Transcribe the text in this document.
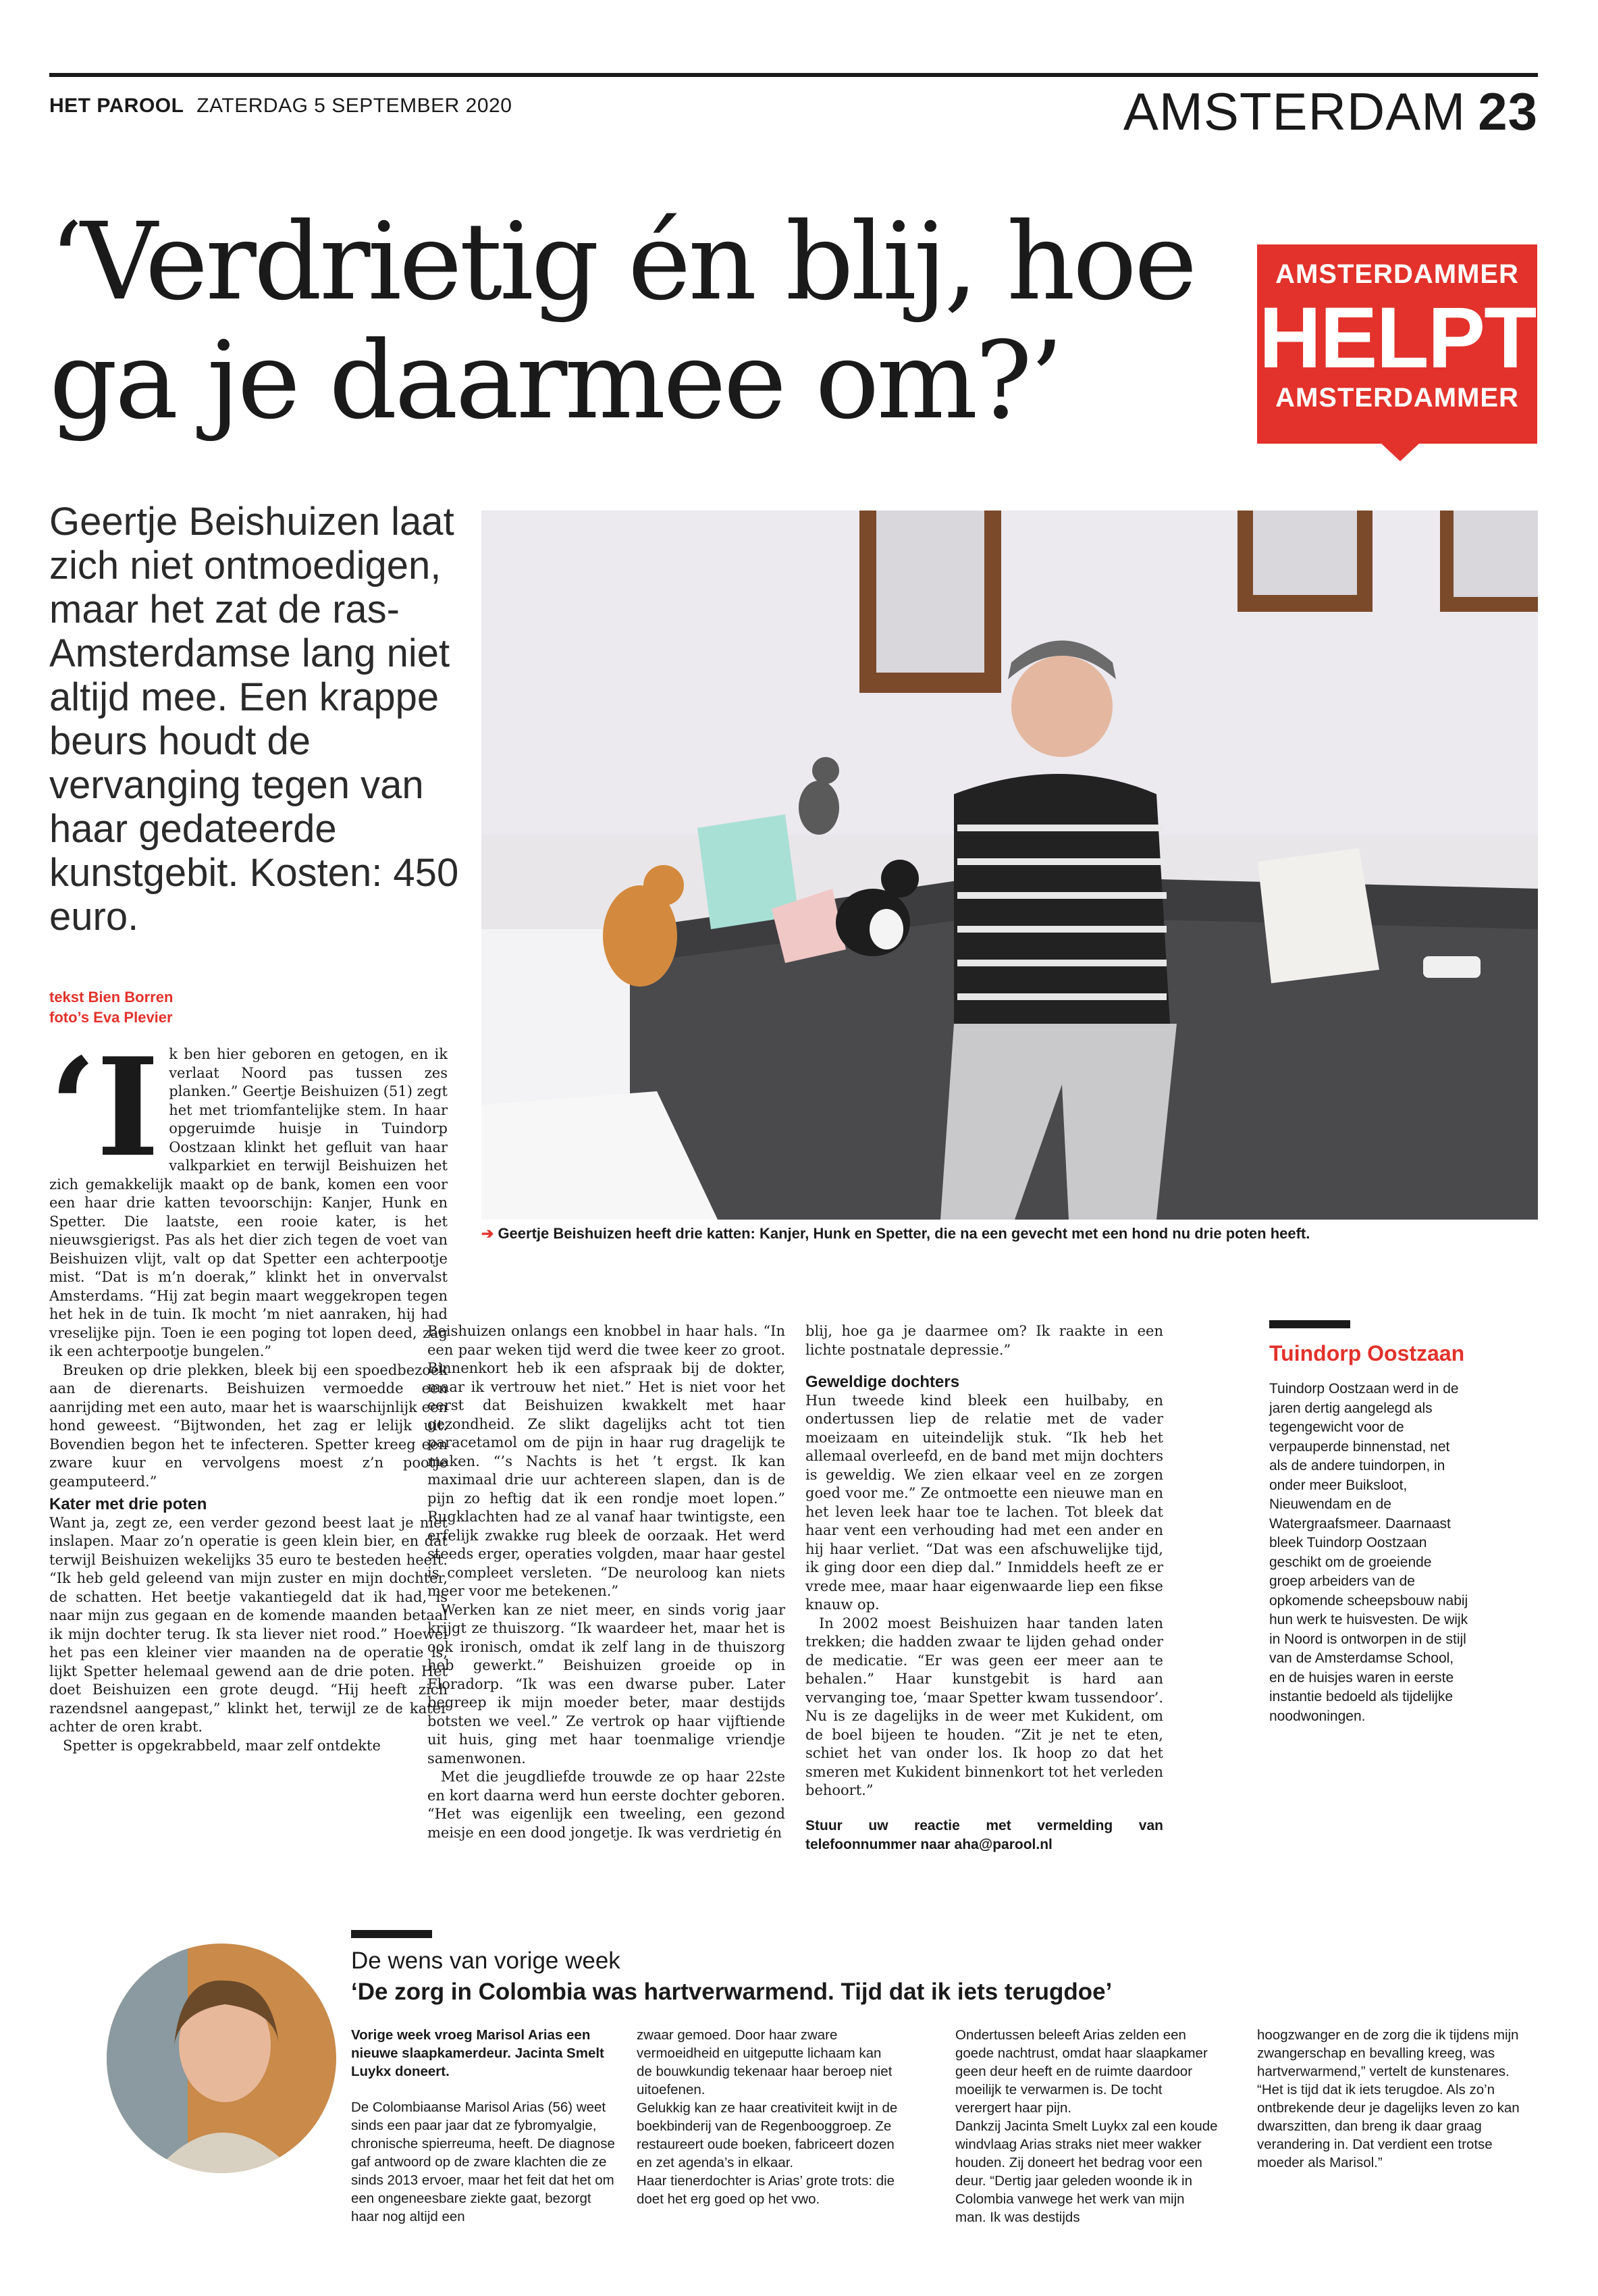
HET PAROOL ZATERDAG 5 SEPTEMBER 2020	AMSTERDAM 23
‘Verdrietig én blij, hoe ga je daarmee om?’
AMSTERDAMMER
HELPT
AMSTERDAMMER
Geertje Beishuizen laat zich niet ontmoedigen, maar het zat de ras-Amsterdamse lang niet altijd mee. Een krappe beurs houdt de vervanging tegen van haar gedateerde kunstgebit. Kosten: 450 euro.
tekst Bien Borren
foto’s Eva Plevier
➔ Geertje Beishuizen heeft drie katten: Kanjer, Hunk en Spetter, die na een gevecht met een hond nu drie poten heeft.
‘I k ben hier geboren en getogen, en ik verlaat Noord pas tussen zes planken.” Geertje Beishuizen (51) zegt het met triomfantelijke stem. In haar opgeruimde huisje in Tuindorp Oostzaan klinkt het gefluit van haar valkparkiet en terwijl Beishuizen het zich gemakkelijk maakt op de bank, komen een voor een haar drie katten tevoorschijn: Kanjer, Hunk en Spetter. Die laatste, een rooie kater, is het nieuwsgierigst. Pas als het dier zich tegen de voet van Beishuizen vlijt, valt op dat Spetter een achterpootje mist. “Dat is m’n doerak,” klinkt het in onvervalst Amsterdams. “Hij zat begin maart weggekropen tegen het hek in de tuin. Ik mocht ’m niet aanraken, hij had vreselijke pijn. Toen ie een poging tot lopen deed, zag ik een achterpootje bungelen.”

Breuken op drie plekken, bleek bij een spoedbezoek aan de dierenarts. Beishuizen vermoedde een aanrijding met een auto, maar het is waarschijnlijk een hond geweest. “Bijtwonden, het zag er lelijk uit. Bovendien begon het te infecteren. Spetter kreeg een zware kuur en vervolgens moest z’n pootje geamputeerd.”

Kater met drie poten

Want ja, zegt ze, een verder gezond beest laat je niet inslapen. Maar zo’n operatie is geen klein bier, en dat terwijl Beishuizen wekelijks 35 euro te besteden heeft. “Ik heb geld geleend van mijn zuster en mijn dochter, de schatten. Het beetje vakantiegeld dat ik had, is naar mijn zus gegaan en de komende maanden betaal ik mijn dochter terug. Ik sta liever niet rood.” Hoewel het pas een kleiner vier maanden na de operatie is, lijkt Spetter helemaal gewend aan de drie poten. Het doet Beishuizen een grote deugd. “Hij heeft zich razendsnel aangepast,” klinkt het, terwijl ze de kater achter de oren krabt.

Spetter is opgekrabbeld, maar zelf ontdekte

Beishuizen onlangs een knobbel in haar hals. “In een paar weken tijd werd die twee keer zo groot. Binnenkort heb ik een afspraak bij de dokter, maar ik vertrouw het niet.” Het is niet voor het eerst dat Beishuizen kwakkelt met haar gezondheid. Ze slikt dagelijks acht tot tien paracetamol om de pijn in haar rug dragelijk te maken. “’s Nachts is het ’t ergst. Ik kan maximaal drie uur achtereen slapen, dan is de pijn zo heftig dat ik een rondje moet lopen.” Rugklachten had ze al vanaf haar twintigste, een erfelijk zwakke rug bleek de oorzaak. Het werd steeds erger, operaties volgden, maar haar gestel is compleet versleten. “De neuroloog kan niets meer voor me betekenen.”

Werken kan ze niet meer, en sinds vorig jaar krijgt ze thuiszorg. “Ik waardeer het, maar het is ook ironisch, omdat ik zelf lang in de thuiszorg heb gewerkt.” Beishuizen groeide op in Floradorp. “Ik was een dwarse puber. Later begreep ik mijn moeder beter, maar destijds botsten we veel.” Ze vertrok op haar vijftiende uit huis, ging met haar toenmalige vriendje samenwonen.

Met die jeugdliefde trouwde ze op haar 22ste en kort daarna werd hun eerste dochter geboren. “Het was eigenlijk een tweeling, een gezond meisje en een dood jongetje. Ik was verdrietig én

blij, hoe ga je daarmee om? Ik raakte in een lichte postnatale depressie.”

Geweldige dochters

Hun tweede kind bleek een huilbaby, en ondertussen liep de relatie met de vader moeizaam en uiteindelijk stuk. “Ik heb het allemaal overleefd, en de band met mijn dochters is geweldig. We zien elkaar veel en ze zorgen goed voor me.” Ze ontmoette een nieuwe man en het leven leek haar toe te lachen. Tot bleek dat haar vent een verhouding had met een ander en hij haar verliet. “Dat was een afschuwelijke tijd, ik ging door een diep dal.” Inmiddels heeft ze er vrede mee, maar haar eigenwaarde liep een fikse knauw op.

In 2002 moest Beishuizen haar tanden laten trekken; die hadden zwaar te lijden gehad onder de medicatie. “Er was geen eer meer aan te behalen.” Haar kunstgebit is hard aan vervanging toe, ‘maar Spetter kwam tussendoor’. Nu is ze dagelijks in de weer met Kukident, om de boel bijeen te houden. “Zit je net te eten, schiet het van onder los. Ik hoop zo dat het smeren met Kukident binnenkort tot het verleden behoort.”

Stuur uw reactie met vermelding van telefoonnummer naar aha@parool.nl
Tuindorp Oostzaan
Tuindorp Oostzaan werd in de jaren dertig aangelegd als tegengewicht voor de verpauperde binnenstad, net als de andere tuindorpen, in onder meer Buiksloot, Nieuwendam en de Watergraafsmeer. Daarnaast bleek Tuindorp Oostzaan geschikt om de groeiende groep arbeiders van de opkomende scheepsbouw nabij hun werk te huisvesten. De wijk in Noord is ontworpen in de stijl van de Amsterdamse School, en de huisjes waren in eerste instantie bedoeld als tijdelijke noodwoningen.
De wens van vorige week
‘De zorg in Colombia was hartverwarmend. Tijd dat ik iets terugdoe’

Vorige week vroeg Marisol Arias een nieuwe slaapkamerdeur. Jacinta Smelt Luykx doneert.

De Colombiaanse Marisol Arias (56) weet sinds een paar jaar dat ze fybromyalgie, chronische spierreuma, heeft. De diagnose gaf antwoord op de zware klachten die ze sinds 2013 ervoer, maar het feit dat het om een ongeneesbare ziekte gaat, bezorgt haar nog altijd een

zwaar gemoed. Door haar zware vermoeidheid en uitgeputte lichaam kan de bouwkundig tekenaar haar beroep niet uitoefenen.

Gelukkig kan ze haar creativiteit kwijt in de boekbinderij van de Regenbooggroep. Ze restaureert oude boeken, fabriceert dozen en zet agenda’s in elkaar.

Haar tienerdochter is Arias’ grote trots: die doet het erg goed op het vwo.

Ondertussen beleeft Arias zelden een goede nachtrust, omdat haar slaapkamer geen deur heeft en de ruimte daardoor moeilijk te verwarmen is. De tocht verergert haar pijn.

Dankzij Jacinta Smelt Luykx zal een koude windvlaag Arias straks niet meer wakker houden. Zij doneert het bedrag voor een deur. “Dertig jaar geleden woonde ik in Colombia vanwege het werk van mijn man. Ik was destijds

hoogzwanger en de zorg die ik tijdens mijn zwangerschap en bevalling kreeg, was hartverwarmend,” vertelt de kunstenares.

“Het is tijd dat ik iets terugdoe. Als zo’n ontbrekende deur je dagelijks leven zo kan dwarszitten, dan breng ik daar graag verandering in. Dat verdient een trotse moeder als Marisol.”
